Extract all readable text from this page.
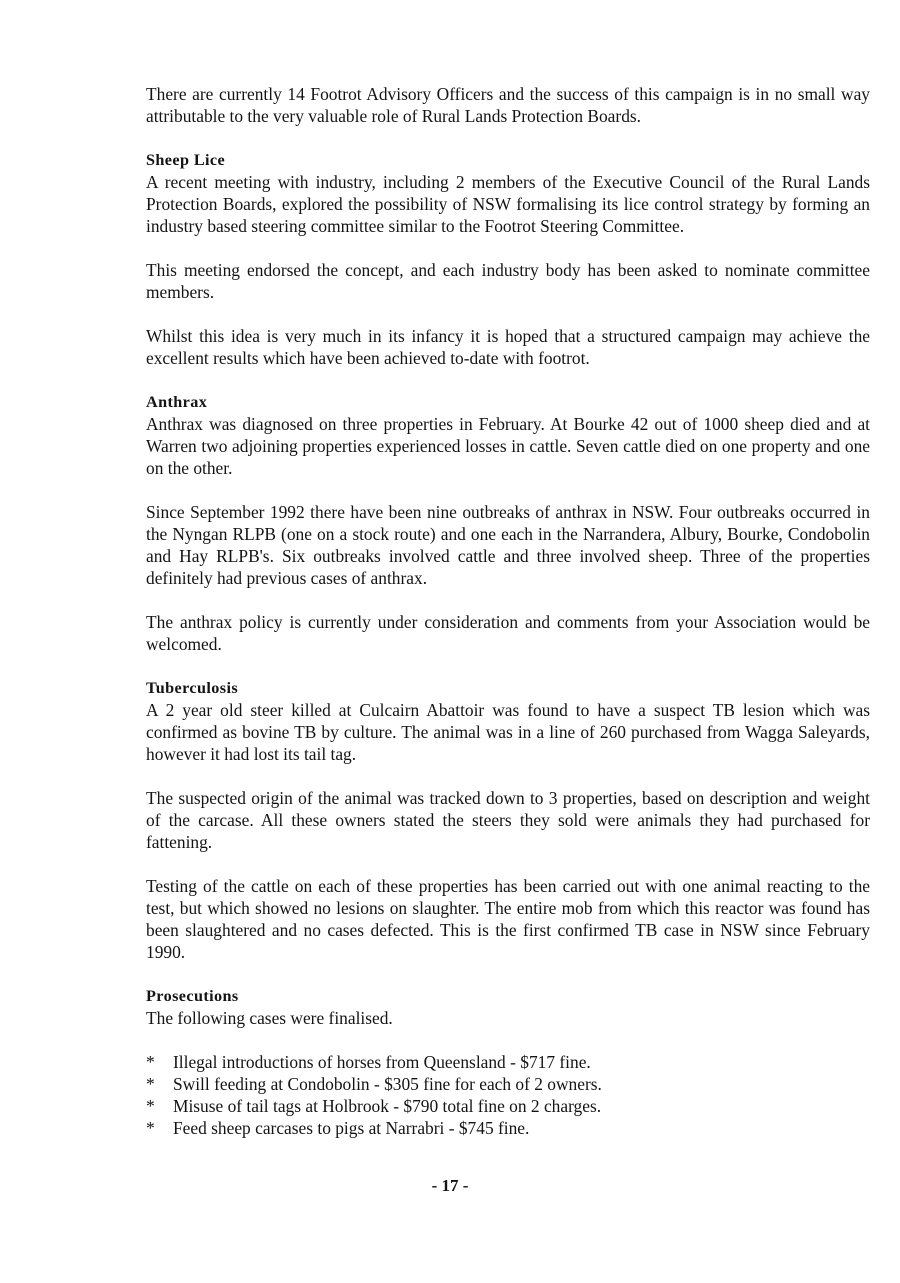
There are currently 14 Footrot Advisory Officers and the success of this campaign is in no small way attributable to the very valuable role of Rural Lands Protection Boards.

Sheep Lice

A recent meeting with industry, including 2 members of the Executive Council of the Rural Lands Protection Boards, explored the possibility of NSW formalising its lice control strategy by forming an industry based steering committee similar to the Footrot Steering Committee.

This meeting endorsed the concept, and each industry body has been asked to nominate committee members.

Whilst this idea is very much in its infancy it is hoped that a structured campaign may achieve the excellent results which have been achieved to-date with footrot.

Anthrax

Anthrax was diagnosed on three properties in February. At Bourke 42 out of 1000 sheep died and at Warren two adjoining properties experienced losses in cattle. Seven cattle died on one property and one on the other.

Since September 1992 there have been nine outbreaks of anthrax in NSW. Four outbreaks occurred in the Nyngan RLPB (one on a stock route) and one each in the Narrandera, Albury, Bourke, Condobolin and Hay RLPB's. Six outbreaks involved cattle and three involved sheep. Three of the properties definitely had previous cases of anthrax.

The anthrax policy is currently under consideration and comments from your Association would be welcomed.

Tuberculosis

A 2 year old steer killed at Culcairn Abattoir was found to have a suspect TB lesion which was confirmed as bovine TB by culture. The animal was in a line of 260 purchased from Wagga Saleyards, however it had lost its tail tag.

The suspected origin of the animal was tracked down to 3 properties, based on description and weight of the carcase. All these owners stated the steers they sold were animals they had purchased for fattening.

Testing of the cattle on each of these properties has been carried out with one animal reacting to the test, but which showed no lesions on slaughter. The entire mob from which this reactor was found has been slaughtered and no cases defected. This is the first confirmed TB case in NSW since February 1990.

Prosecutions

The following cases were finalised.

* Illegal introductions of horses from Queensland - $717 fine.
* Swill feeding at Condobolin - $305 fine for each of 2 owners.
* Misuse of tail tags at Holbrook - $790 total fine on 2 charges.
* Feed sheep carcases to pigs at Narrabri - $745 fine.
- 17 -
